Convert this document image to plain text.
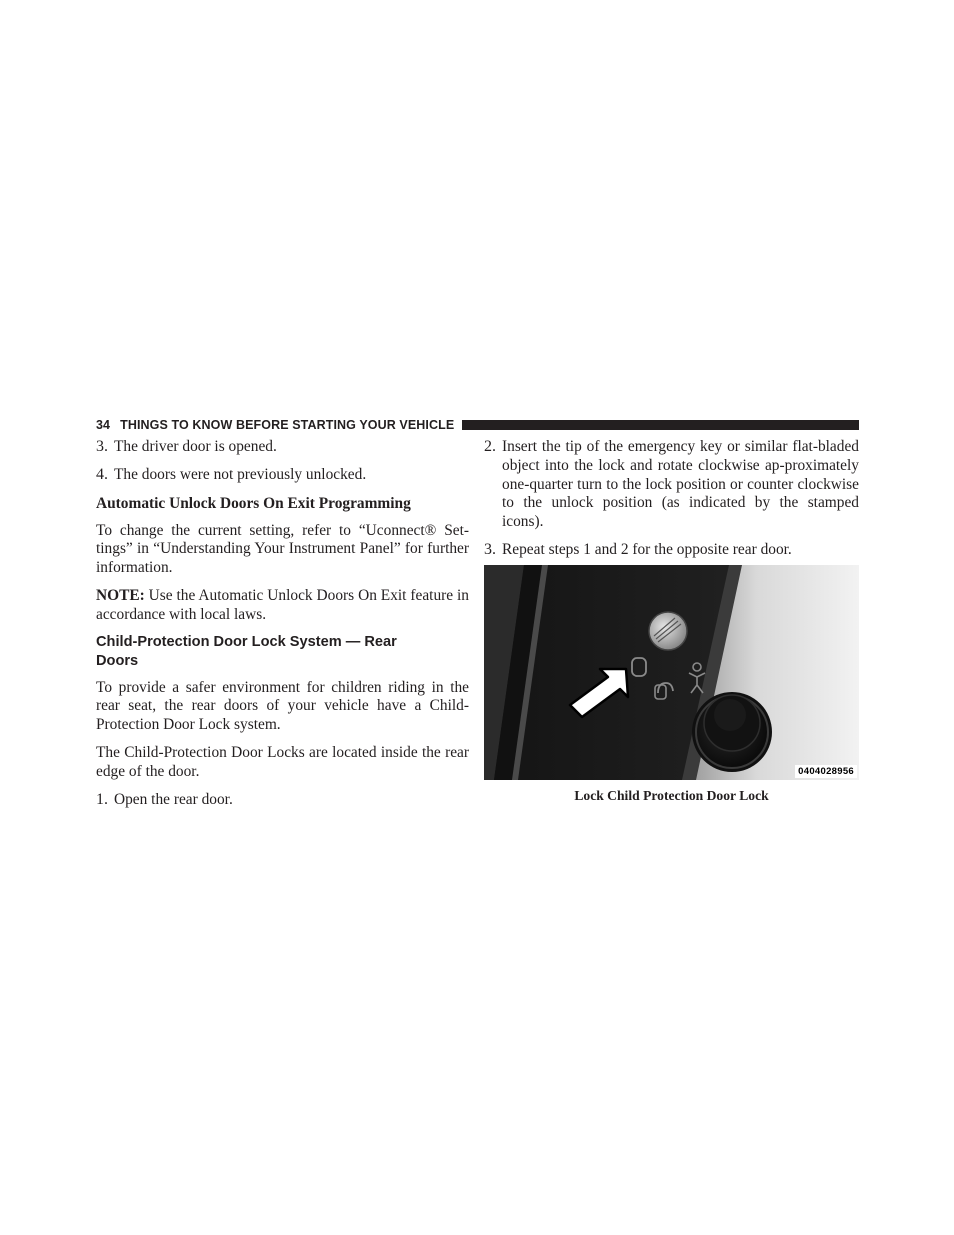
34 THINGS TO KNOW BEFORE STARTING YOUR VEHICLE
3. The driver door is opened.

4. The doors were not previously unlocked.

Automatic Unlock Doors On Exit Programming

To change the current setting, refer to “Uconnect® Set-tings” in “Understanding Your Instrument Panel” for further information.

NOTE: Use the Automatic Unlock Doors On Exit feature in accordance with local laws.

Child-Protection Door Lock System — Rear Doors

To provide a safer environment for children riding in the rear seat, the rear doors of your vehicle have a Child-Protection Door Lock system.

The Child-Protection Door Locks are located inside the rear edge of the door.

1. Open the rear door.

2. Insert the tip of the emergency key or similar flat-bladed object into the lock and rotate clockwise ap-proximately one-quarter turn to the lock position or counter clockwise to the unlock position (as indicated by the stamped icons).

3. Repeat steps 1 and 2 for the opposite rear door.

0404028956
Lock Child Protection Door Lock
